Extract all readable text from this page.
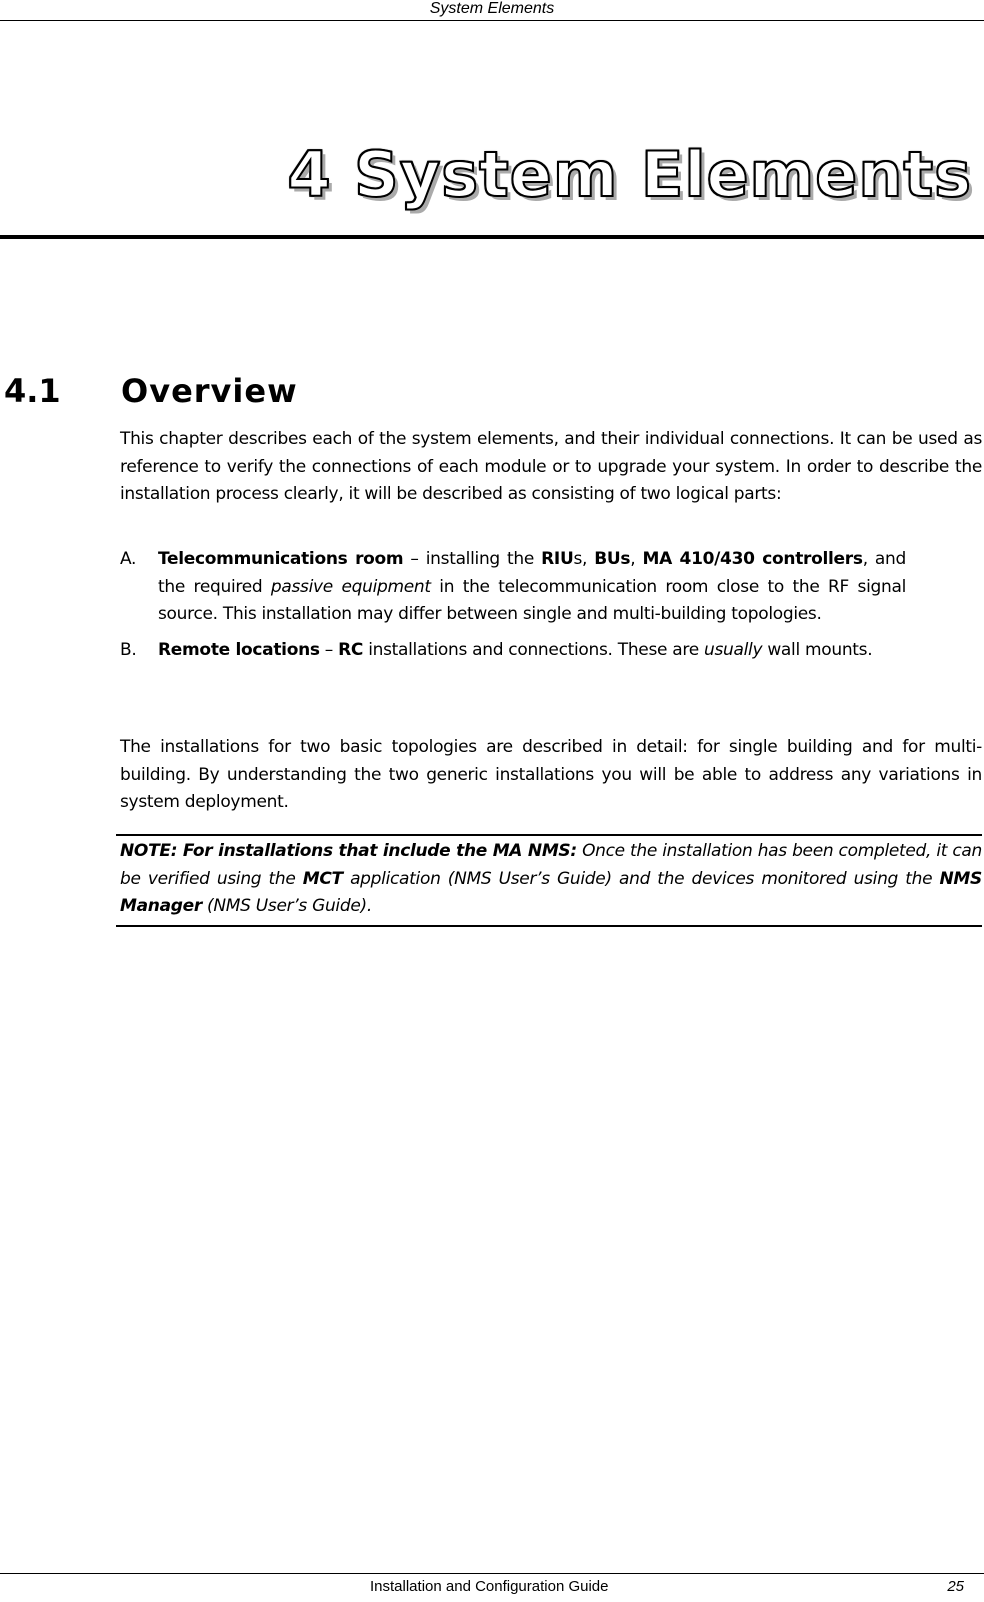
System Elements
4 System Elements
4.1 Overview
This chapter describes each of the system elements, and their individual connections. It can be used as reference to verify the connections of each module or to upgrade your system. In order to describe the installation process clearly, it will be described as consisting of two logical parts:
A.	Telecommunications room – installing the RIUs, BUs, MA 410/430 controllers, and the required passive equipment in the telecommunication room close to the RF signal source. This installation may differ between single and multi-building topologies.
B.	Remote locations – RC installations and connections. These are usually wall mounts.
The installations for two basic topologies are described in detail: for single building and for multi-building. By understanding the two generic installations you will be able to address any variations in system deployment.
NOTE: For installations that include the MA NMS: Once the installation has been completed, it can be verified using the MCT application (NMS User’s Guide) and the devices monitored using the NMS Manager (NMS User’s Guide).
Installation and Configuration Guide	25
